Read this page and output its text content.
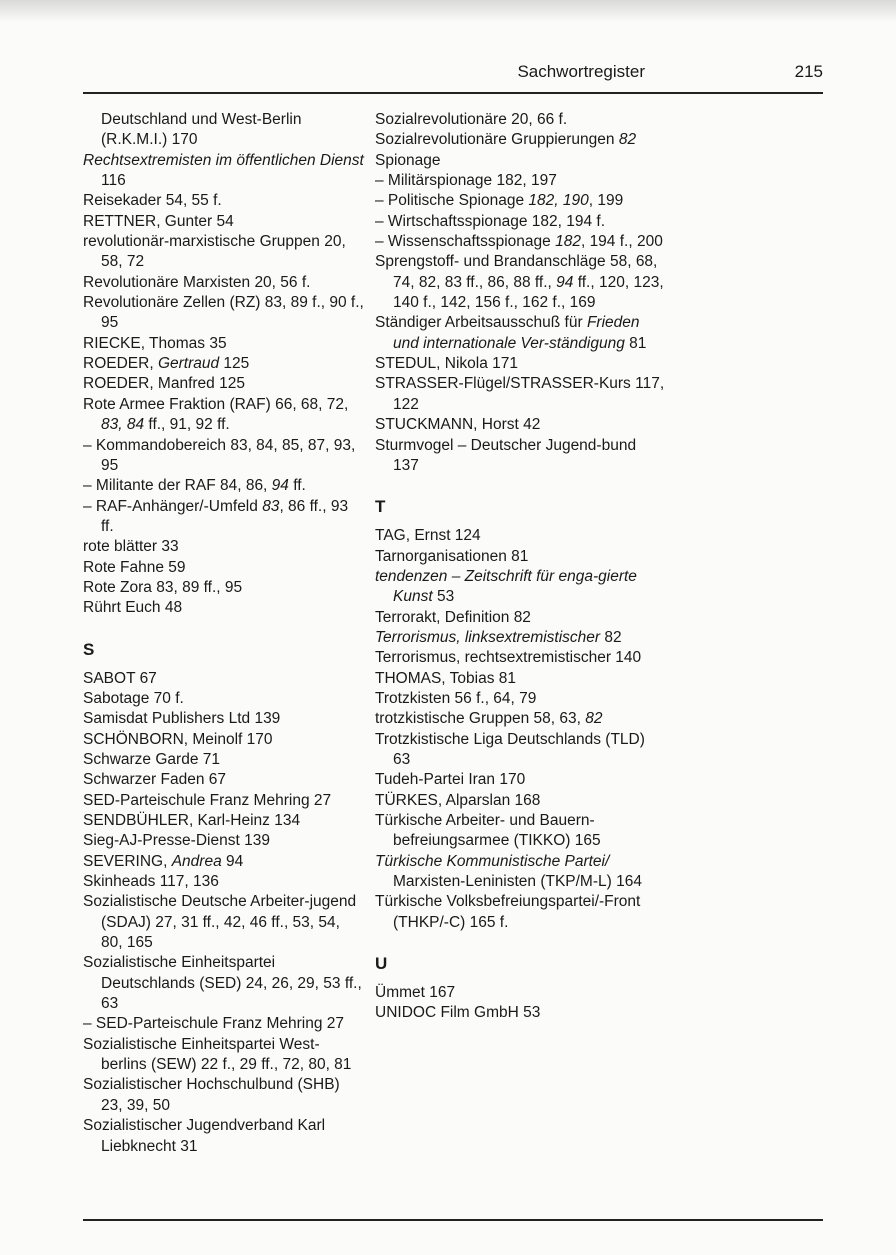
Sachwortregister	215
Deutschland und West-Berlin (R.K.M.I.) 170
Rechtsextremisten im öffentlichen Dienst 116
Reisekader 54, 55 f.
RETTNER, Gunter 54
revolutionär-marxistische Gruppen 20, 58, 72
Revolutionäre Marxisten 20, 56 f.
Revolutionäre Zellen (RZ) 83, 89 f., 90 f., 95
RIECKE, Thomas 35
ROEDER, Gertraud 125
ROEDER, Manfred 125
Rote Armee Fraktion (RAF) 66, 68, 72, 83, 84 ff., 91, 92 ff.
– Kommandobereich 83, 84, 85, 87, 93, 95
– Militante der RAF 84, 86, 94 ff.
– RAF-Anhänger/-Umfeld 83, 86 ff., 93 ff.
rote blätter 33
Rote Fahne 59
Rote Zora 83, 89 ff., 95
Rührt Euch 48
S
SABOT 67
Sabotage 70 f.
Samisdat Publishers Ltd 139
SCHÖNBORN, Meinolf 170
Schwarze Garde 71
Schwarzer Faden 67
SED-Parteischule Franz Mehring 27
SENDBÜHLER, Karl-Heinz 134
Sieg-AJ-Presse-Dienst 139
SEVERING, Andrea 94
Skinheads 117, 136
Sozialistische Deutsche Arbeiter-jugend (SDAJ) 27, 31 ff., 42, 46 ff., 53, 54, 80, 165
Sozialistische Einheitspartei Deutschlands (SED) 24, 26, 29, 53 ff., 63
– SED-Parteischule Franz Mehring 27
Sozialistische Einheitspartei West-berlins (SEW) 22 f., 29 ff., 72, 80, 81
Sozialistischer Hochschulbund (SHB) 23, 39, 50
Sozialistischer Jugendverband Karl Liebknecht 31
Sozialrevolutionäre 20, 66 f.
Sozialrevolutionäre Gruppierungen 82
Spionage
– Militärspionage 182, 197
– Politische Spionage 182, 190, 199
– Wirtschaftsspionage 182, 194 f.
– Wissenschaftsspionage 182, 194 f., 200
Sprengstoff- und Brandanschläge 58, 68, 74, 82, 83 ff., 86, 88 ff., 94 ff., 120, 123, 140 f., 142, 156 f., 162 f., 169
Ständiger Arbeitsausschuß für Frieden und internationale Ver-ständigung 81
STEDUL, Nikola 171
STRASSER-Flügel/STRASSER-Kurs 117, 122
STUCKMANN, Horst 42
Sturmvogel – Deutscher Jugend-bund 137
T
TAG, Ernst 124
Tarnorganisationen 81
tendenzen – Zeitschrift für enga-gierte Kunst 53
Terrorakt, Definition 82
Terrorismus, linksextremistischer 82
Terrorismus, rechtsextremistischer 140
THOMAS, Tobias 81
Trotzkisten 56 f., 64, 79
trotzkistische Gruppen 58, 63, 82
Trotzkistische Liga Deutschlands (TLD) 63
Tudeh-Partei Iran 170
TÜRKES, Alparslan 168
Türkische Arbeiter- und Bauern-befreiungsarmee (TIKKO) 165
Türkische Kommunistische Partei/ Marxisten-Leninisten (TKP/M-L) 164
Türkische Volksbefreiungspartei/-Front (THKP/-C) 165 f.
U
Ümmet 167
UNIDOC Film GmbH 53
